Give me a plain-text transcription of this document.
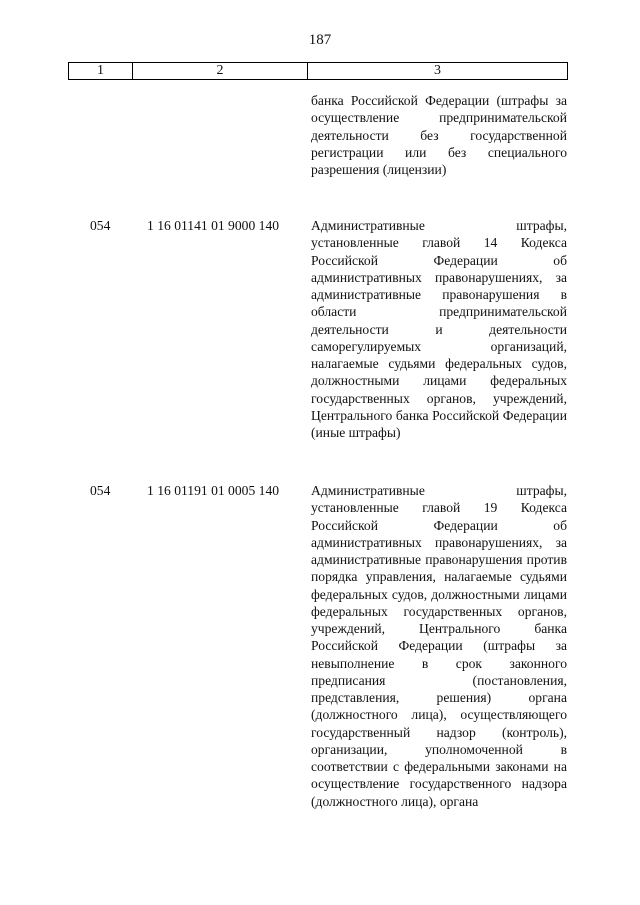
187
1	2	3
банка Российской Федерации (штрафы за осуществление предпринимательской деятельности без государственной регистрации или без специального разрешения (лицензии)
054	1 16 01141 01 9000 140 Административные штрафы, установленные главой 14 Кодекса Российской Федерации об административных правонарушениях, за административные правонарушения в области предпринимательской деятельности и деятельности саморегулируемых организаций, налагаемые судьями федеральных судов, должностными лицами федеральных государственных органов, учреждений, Центрального банка Российской Федерации (иные штрафы)
054	1 16 01191 01 0005 140 Административные штрафы, установленные главой 19 Кодекса Российской Федерации об административных правонарушениях, за административные правонарушения против порядка управления, налагаемые судьями федеральных судов, должностными лицами федеральных государственных органов, учреждений, Центрального банка Российской Федерации (штрафы за невыполнение в срок законного предписания (постановления, представления, решения) органа (должностного лица), осуществляющего государственный надзор (контроль), организации, уполномоченной в соответствии с федеральными законами на осуществление государственного надзора (должностного лица), органа
